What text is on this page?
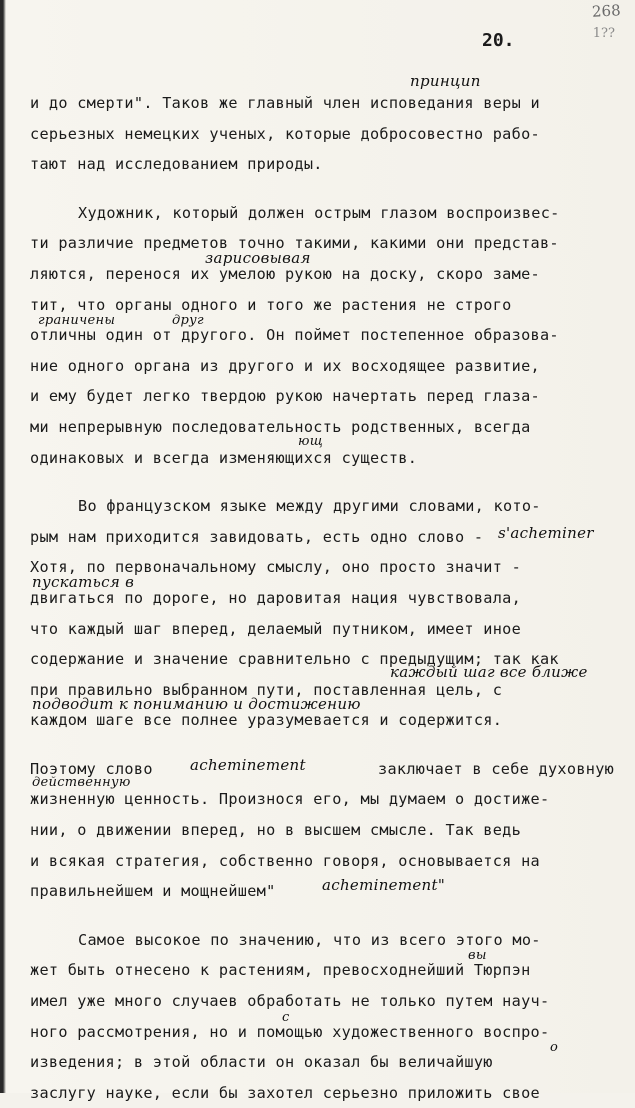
268
1??
20.
и до смерти". Таков же главный член исповедания веры и
принцип
серьезных немецких ученых, которые добросовестно рабо-
тают над исследованием природы.
Художник, который должен острым глазом воспроизвес-
ти различие предметов точно такими, какими они представ-
ляются, перенося их умелою рукою на доску, скоро заме-
зарисовывая
тит, что органы одного и того же растения не строго
отличны один от другого. Он поймет постепенное образова-
граничены	друг
ние одного органа из другого и их восходящее развитие,
и ему будет легко твердою рукою начертать перед глаза-
ми непрерывную последовательность родственных, всегда
одинаковых и всегда изменяющихся существ.
ющ
Во французском языке между другими словами, кото-
рым нам приходится завидовать, есть одно слово - s'acheminer
Хотя, по первоначальному смыслу, оно просто значит -
двигаться по дороге, но даровитая нация чувствовала,
пускаться в
что каждый шаг вперед, делаемый путником, имеет иное
содержание и значение сравнительно с предыдущим; так как
при правильно выбранном пути, поставленная цель, с
каждый шаг все ближе
каждом шаге все полнее уразумевается и содержится.
подводит к пониманию и достижению
Поэтому слово acheminement	заключает в себе духовную
жизненную ценность. Произнося его, мы думаем о достиже-
действенную
нии, о движении вперед, но в высшем смысле. Так ведь
и всякая стратегия, собственно говоря, основывается на
правильнейшем и мощнейшем"	acheminement"
Самое высокое по значению, что из всего этого мо-
жет быть отнесено к растениям, превосходнейший Тюрпэн
вы
имел уже много случаев обработать не только путем науч-
ного рассмотрения, но и помощью художественного воспро-
с
изведения; в этой области он оказал бы величайшую
о
заслугу науке, если бы захотел серьезно приложить свое
